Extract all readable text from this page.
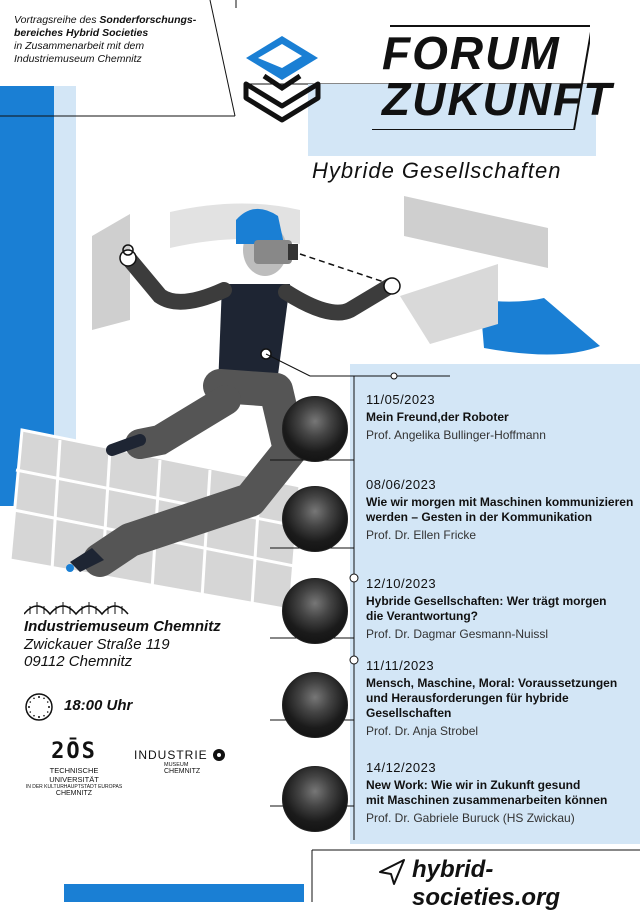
Vortragsreihe des Sonderforschungs-
bereiches Hybrid Societies
in Zusammenarbeit mit dem
Industriemuseum Chemnitz	FORUM
ZUKUNFT
Hybride Gesellschaften
11/05/2023
Mein Freund,der Roboter
Prof. Angelika Bullinger-Hoffmann
08/06/2023
Wie wir morgen mit Maschinen kommunizieren
werden – Gesten in der Kommunikation
Prof. Dr. Ellen Fricke
12/10/2023
Hybride Gesellschaften: Wer trägt morgen
die Verantwortung?
Prof. Dr. Dagmar Gesmann-Nuissl
11/11/2023
Mensch, Maschine, Moral: Voraussetzungen
und Herausforderungen für hybride
Gesellschaften
Prof. Dr. Anja Strobel
14/12/2023
New Work: Wie wir in Zukunft gesund
mit Maschinen zusammenarbeiten können
Prof. Dr. Gabriele Buruck (HS Zwickau)
Industriemuseum Chemnitz
Zwickauer Straße 119
09112 Chemnitz
18:00 Uhr
2ŌS
TECHNISCHE UNIVERSITÄT
IN DER KULTURHAUPTSTADT EUROPAS
CHEMNITZ
INDUSTRIE
MUSEUM
CHEMNITZ
hybrid-societies.org
